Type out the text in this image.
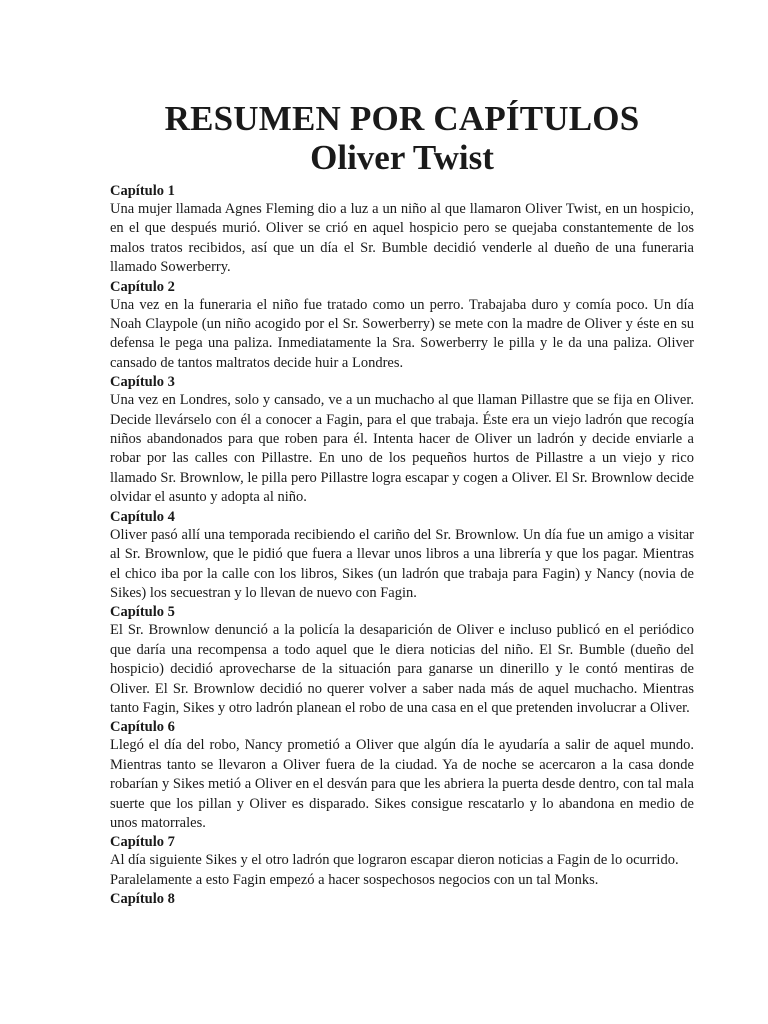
RESUMEN POR CAPÍTULOS
Oliver Twist
Capítulo 1

Una mujer llamada Agnes Fleming dio a luz a un niño al que llamaron Oliver Twist, en un hospicio, en el que después murió. Oliver se crió en aquel hospicio pero se quejaba constantemente de los malos tratos recibidos, así que un día el Sr. Bumble decidió venderle al dueño de una funeraria llamado Sowerberry.

Capítulo 2

Una vez en la funeraria el niño fue tratado como un perro. Trabajaba duro y comía poco. Un día Noah Claypole (un niño acogido por el Sr. Sowerberry) se mete con la madre de Oliver y éste en su defensa le pega una paliza. Inmediatamente la Sra. Sowerberry le pilla y le da una paliza. Oliver cansado de tantos maltratos decide huir a Londres.

Capítulo 3

Una vez en Londres, solo y cansado, ve a un muchacho al que llaman Pillastre que se fija en Oliver. Decide llevárselo con él a conocer a Fagin, para el que trabaja. Éste era un viejo ladrón que recogía niños abandonados para que roben para él. Intenta hacer de Oliver un ladrón y decide enviarle a robar por las calles con Pillastre. En uno de los pequeños hurtos de Pillastre a un viejo y rico llamado Sr. Brownlow, le pilla pero Pillastre logra escapar y cogen a Oliver. El Sr. Brownlow decide olvidar el asunto y adopta al niño.

Capítulo 4

Oliver pasó allí una temporada recibiendo el cariño del Sr. Brownlow. Un día fue un amigo a visitar al Sr. Brownlow, que le pidió que fuera a llevar unos libros a una librería y que los pagar. Mientras el chico iba por la calle con los libros, Sikes (un ladrón que trabaja para Fagin) y Nancy (novia de Sikes) los secuestran y lo llevan de nuevo con Fagin.

Capítulo 5

El Sr. Brownlow denunció a la policía la desaparición de Oliver e incluso publicó en el periódico que daría una recompensa a todo aquel que le diera noticias del niño. El Sr. Bumble (dueño del hospicio) decidió aprovecharse de la situación para ganarse un dinerillo y le contó mentiras de Oliver. El Sr. Brownlow decidió no querer volver a saber nada más de aquel muchacho. Mientras tanto Fagin, Sikes y otro ladrón planean el robo de una casa en el que pretenden involucrar a Oliver.

Capítulo 6

Llegó el día del robo, Nancy prometió a Oliver que algún día le ayudaría a salir de aquel mundo. Mientras tanto se llevaron a Oliver fuera de la ciudad. Ya de noche se acercaron a la casa donde robarían y Sikes metió a Oliver en el desván para que les abriera la puerta desde dentro, con tal mala suerte que los pillan y Oliver es disparado. Sikes consigue rescatarlo y lo abandona en medio de unos matorrales.

Capítulo 7

Al día siguiente Sikes y el otro ladrón que lograron escapar dieron noticias a Fagin de lo ocurrido.

Paralelamente a esto Fagin empezó a hacer sospechosos negocios con un tal Monks.

Capítulo 8
